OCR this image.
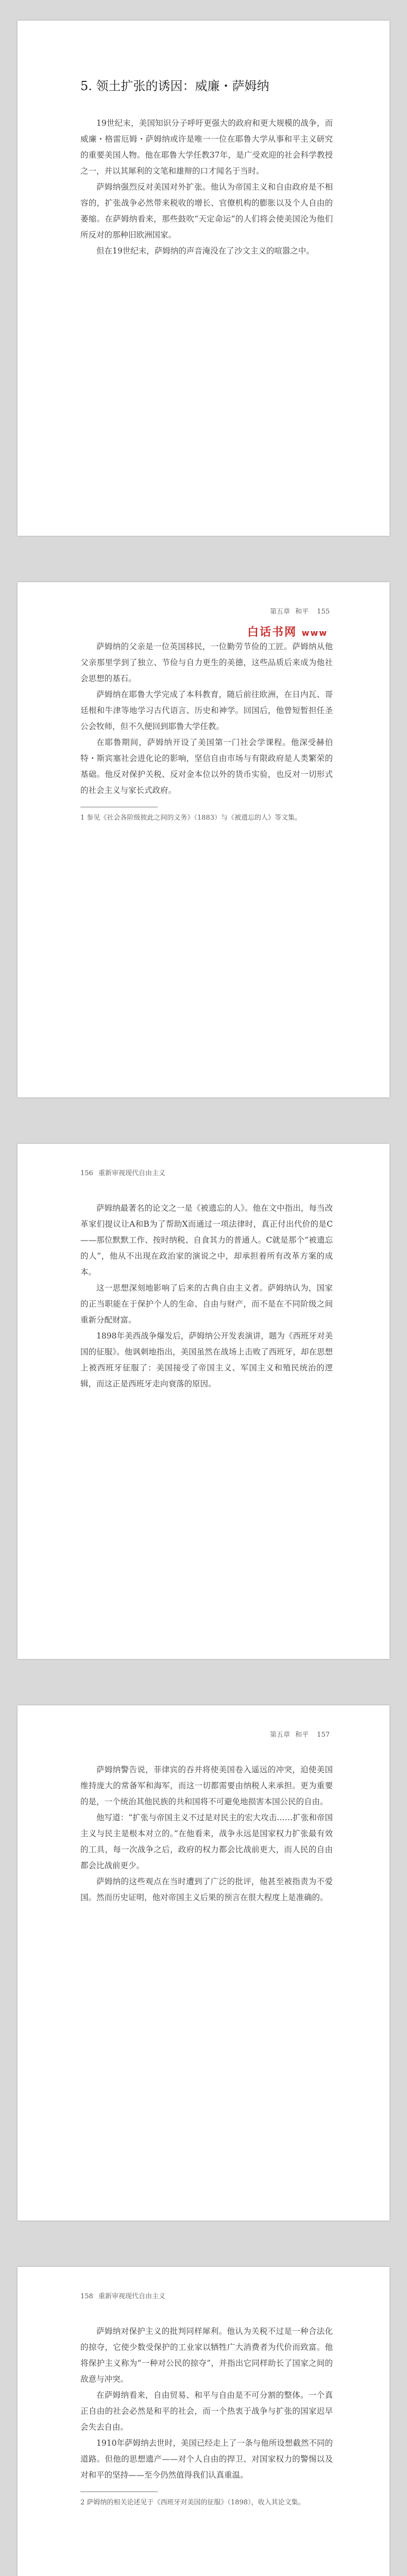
5. 领土扩张的诱因：威廉・萨姆纳

19世纪末，美国知识分子呼吁更强大的政府和更大规模的战争，而威廉・格雷厄姆・萨姆纳或许是唯一一位在耶鲁大学从事和平主义研究的重要美国人物。他在耶鲁大学任教37年，是广受欢迎的社会科学教授之一，并以其犀利的文笔和雄辩的口才闻名于当时。

萨姆纳强烈反对美国对外扩张。他认为帝国主义和自由政府是不相容的，扩张战争必然带来税收的增长、官僚机构的膨胀以及个人自由的萎缩。在萨姆纳看来，那些鼓吹“天定命运”的人们将会使美国沦为他们所反对的那种旧欧洲国家。

但在19世纪末，萨姆纳的声音淹没在了沙文主义的喧嚣之中。

第五章 和平 155
白话书网 www

萨姆纳的父亲是一位英国移民，一位勤劳节俭的工匠。萨姆纳从他父亲那里学到了独立、节俭与自力更生的美德，这些品质后来成为他社会思想的基石。

萨姆纳在耶鲁大学完成了本科教育，随后前往欧洲，在日内瓦、哥廷根和牛津等地学习古代语言、历史和神学。回国后，他曾短暂担任圣公会牧师，但不久便回到耶鲁大学任教。

在耶鲁期间，萨姆纳开设了美国第一门社会学课程。他深受赫伯特・斯宾塞社会进化论的影响，坚信自由市场与有限政府是人类繁荣的基础。他反对保护关税、反对金本位以外的货币实验，也反对一切形式的社会主义与家长式政府。

1 参见《社会各阶级彼此之间的义务》（1883）与《被遗忘的人》等文集。

156 重新审视现代自由主义

萨姆纳最著名的论文之一是《被遗忘的人》。他在文中指出，每当改革家们提议让A和B为了帮助X而通过一项法律时，真正付出代价的是C——那位默默工作、按时纳税、自食其力的普通人。C就是那个“被遗忘的人”，他从不出现在政治家的演说之中，却承担着所有改革方案的成本。

这一思想深刻地影响了后来的古典自由主义者。萨姆纳认为，国家的正当职能在于保护个人的生命、自由与财产，而不是在不同阶级之间重新分配财富。

1898年美西战争爆发后，萨姆纳公开发表演讲，题为《西班牙对美国的征服》。他讽刺地指出，美国虽然在战场上击败了西班牙，却在思想上被西班牙征服了：美国接受了帝国主义、军国主义和殖民统治的逻辑，而这正是西班牙走向衰落的原因。

第五章 和平 157

萨姆纳警告说，菲律宾的吞并将使美国卷入遥远的冲突，迫使美国维持庞大的常备军和海军，而这一切都需要由纳税人来承担。更为重要的是，一个统治其他民族的共和国将不可避免地损害本国公民的自由。

他写道：“扩张与帝国主义不过是对民主的宏大攻击……扩张和帝国主义与民主是根本对立的。”在他看来，战争永远是国家权力扩张最有效的工具，每一次战争之后，政府的权力都会比战前更大，而人民的自由都会比战前更少。

萨姆纳的这些观点在当时遭到了广泛的批评，他甚至被指责为不爱国。然而历史证明，他对帝国主义后果的预言在很大程度上是准确的。

158 重新审视现代自由主义

萨姆纳对保护主义的批判同样犀利。他认为关税不过是一种合法化的掠夺，它使少数受保护的工业家以牺牲广大消费者为代价而致富。他将保护主义称为“一种对公民的掠夺”，并指出它同样助长了国家之间的敌意与冲突。

在萨姆纳看来，自由贸易、和平与自由是不可分割的整体。一个真正自由的社会必然是和平的社会，而一个热衷于战争与扩张的国家迟早会失去自由。

1910年萨姆纳去世时，美国已经走上了一条与他所设想截然不同的道路。但他的思想遗产——对个人自由的捍卫、对国家权力的警惕以及对和平的坚持——至今仍然值得我们认真重温。

2 萨姆纳的相关论述见于《西班牙对美国的征服》（1898），收入其论文集。
